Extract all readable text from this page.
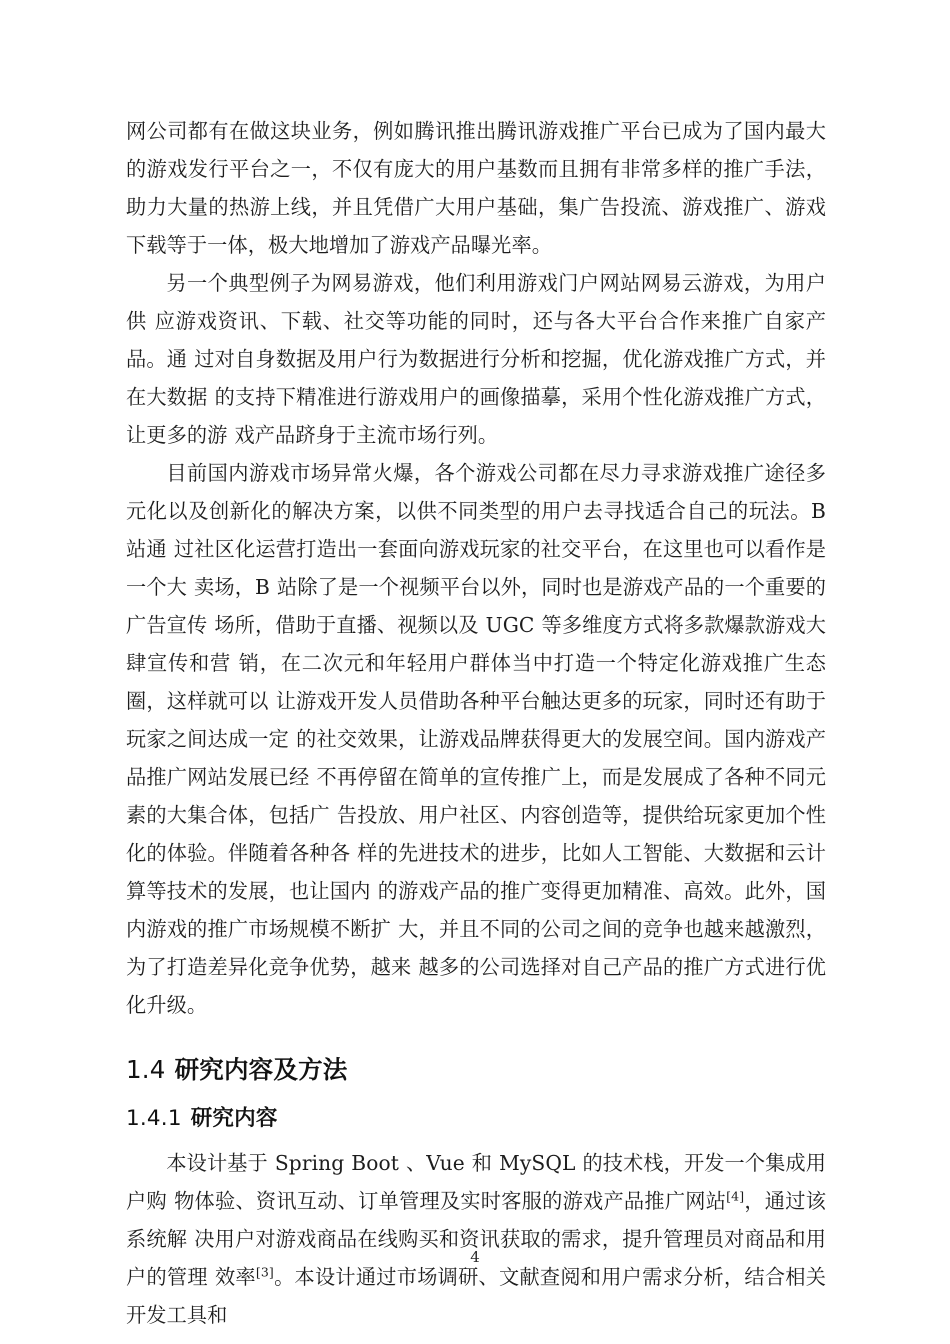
网公司都有在做这块业务，例如腾讯推出腾讯游戏推广平台已成为了国内最大的游戏发行平台之一，不仅有庞大的用户基数而且拥有非常多样的推广手法，助力大量的热游上线，并且凭借广大用户基础，集广告投流、游戏推广、游戏下载等于一体，极大地增加了游戏产品曝光率。

另一个典型例子为网易游戏，他们利用游戏门户网站网易云游戏，为用户供 应游戏资讯、下载、社交等功能的同时，还与各大平台合作来推广自家产品。通 过对自身数据及用户行为数据进行分析和挖掘，优化游戏推广方式，并在大数据 的支持下精准进行游戏用户的画像描摹，采用个性化游戏推广方式，让更多的游 戏产品跻身于主流市场行列。

目前国内游戏市场异常火爆，各个游戏公司都在尽力寻求游戏推广途径多元化以及创新化的解决方案，以供不同类型的用户去寻找适合自己的玩法。B 站通 过社区化运营打造出一套面向游戏玩家的社交平台，在这里也可以看作是一个大 卖场，B 站除了是一个视频平台以外，同时也是游戏产品的一个重要的广告宣传 场所，借助于直播、视频以及 UGC 等多维度方式将多款爆款游戏大肆宣传和营 销，在二次元和年轻用户群体当中打造一个特定化游戏推广生态圈，这样就可以 让游戏开发人员借助各种平台触达更多的玩家，同时还有助于玩家之间达成一定 的社交效果，让游戏品牌获得更大的发展空间。国内游戏产品推广网站发展已经 不再停留在简单的宣传推广上，而是发展成了各种不同元素的大集合体，包括广 告投放、用户社区、内容创造等，提供给玩家更加个性化的体验。伴随着各种各 样的先进技术的进步，比如人工智能、大数据和云计算等技术的发展，也让国内 的游戏产品的推广变得更加精准、高效。此外，国内游戏的推广市场规模不断扩 大，并且不同的公司之间的竞争也越来越激烈，为了打造差异化竞争优势，越来 越多的公司选择对自己产品的推广方式进行优化升级。

1.4 研究内容及方法
1.4.1 研究内容

本设计基于 Spring Boot 、Vue 和 MySQL 的技术栈，开发一个集成用户购 物体验、资讯互动、订单管理及实时客服的游戏产品推广网站[4]，通过该系统解 决用户对游戏商品在线购买和资讯获取的需求，提升管理员对商品和用户的管理 效率[3]。本设计通过市场调研、文献查阅和用户需求分析，结合相关开发工具和

4
